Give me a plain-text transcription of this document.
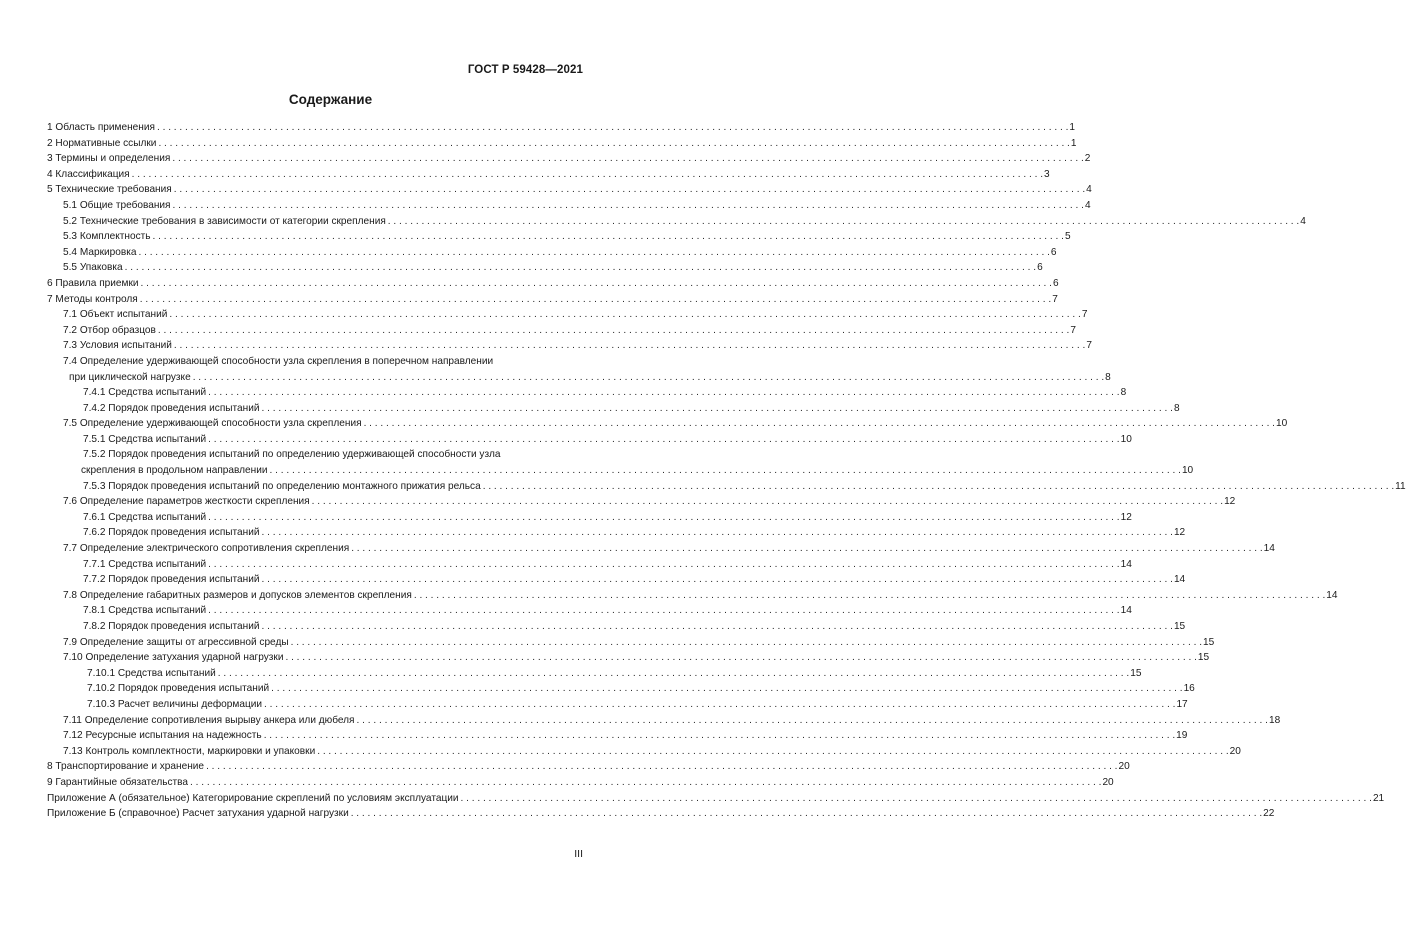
ГОСТ Р 59428—2021
Содержание
1 Область применения . . .	1
2 Нормативные ссылки . . .	1
3 Термины и определения . . .	2
4 Классификация . . .	3
5 Технические требования . . .	4
5.1 Общие требования . . .	4
5.2 Технические требования в зависимости от категории скрепления . . .	4
5.3 Комплектность . . .	5
5.4 Маркировка . . .	6
5.5 Упаковка . . .	6
6 Правила приемки . . .	6
7 Методы контроля . . .	7
7.1 Объект испытаний . . .	7
7.2 Отбор образцов . . .	7
7.3 Условия испытаний . . .	7
7.4 Определение удерживающей способности узла скрепления в поперечном направлении
при циклической нагрузке . . .	8
7.4.1 Средства испытаний . . .	8
7.4.2 Порядок проведения испытаний . . .	8
7.5 Определение удерживающей способности узла скрепления . . .	10
7.5.1 Средства испытаний . . .	10
7.5.2 Порядок проведения испытаний по определению удерживающей способности узла
скрепления в продольном направлении . . .	10
7.5.3 Порядок проведения испытаний по определению монтажного прижатия рельса . . .	11
7.6 Определение параметров жесткости скрепления . . .	12
7.6.1 Средства испытаний . . .	12
7.6.2 Порядок проведения испытаний . . .	12
7.7 Определение электрического сопротивления скрепления . . .	14
7.7.1 Средства испытаний . . .	14
7.7.2 Порядок проведения испытаний . . .	14
7.8 Определение габаритных размеров и допусков элементов скрепления . . .	14
7.8.1 Средства испытаний . . .	14
7.8.2 Порядок проведения испытаний . . .	15
7.9 Определение защиты от агрессивной среды . . .	15
7.10 Определение затухания ударной нагрузки . . .	15
7.10.1 Средства испытаний . . .	15
7.10.2 Порядок проведения испытаний . . .	16
7.10.3 Расчет величины деформации . . .	17
7.11 Определение сопротивления вырыву анкера или дюбеля . . .	18
7.12 Ресурсные испытания на надежность . . .	19
7.13 Контроль комплектности, маркировки и упаковки . . .	20
8 Транспортирование и хранение . . .	20
9 Гарантийные обязательства . . .	20
Приложение А (обязательное) Категорирование скреплений по условиям эксплуатации . . .	21
Приложение Б (справочное) Расчет затухания ударной нагрузки . . .	22
III
